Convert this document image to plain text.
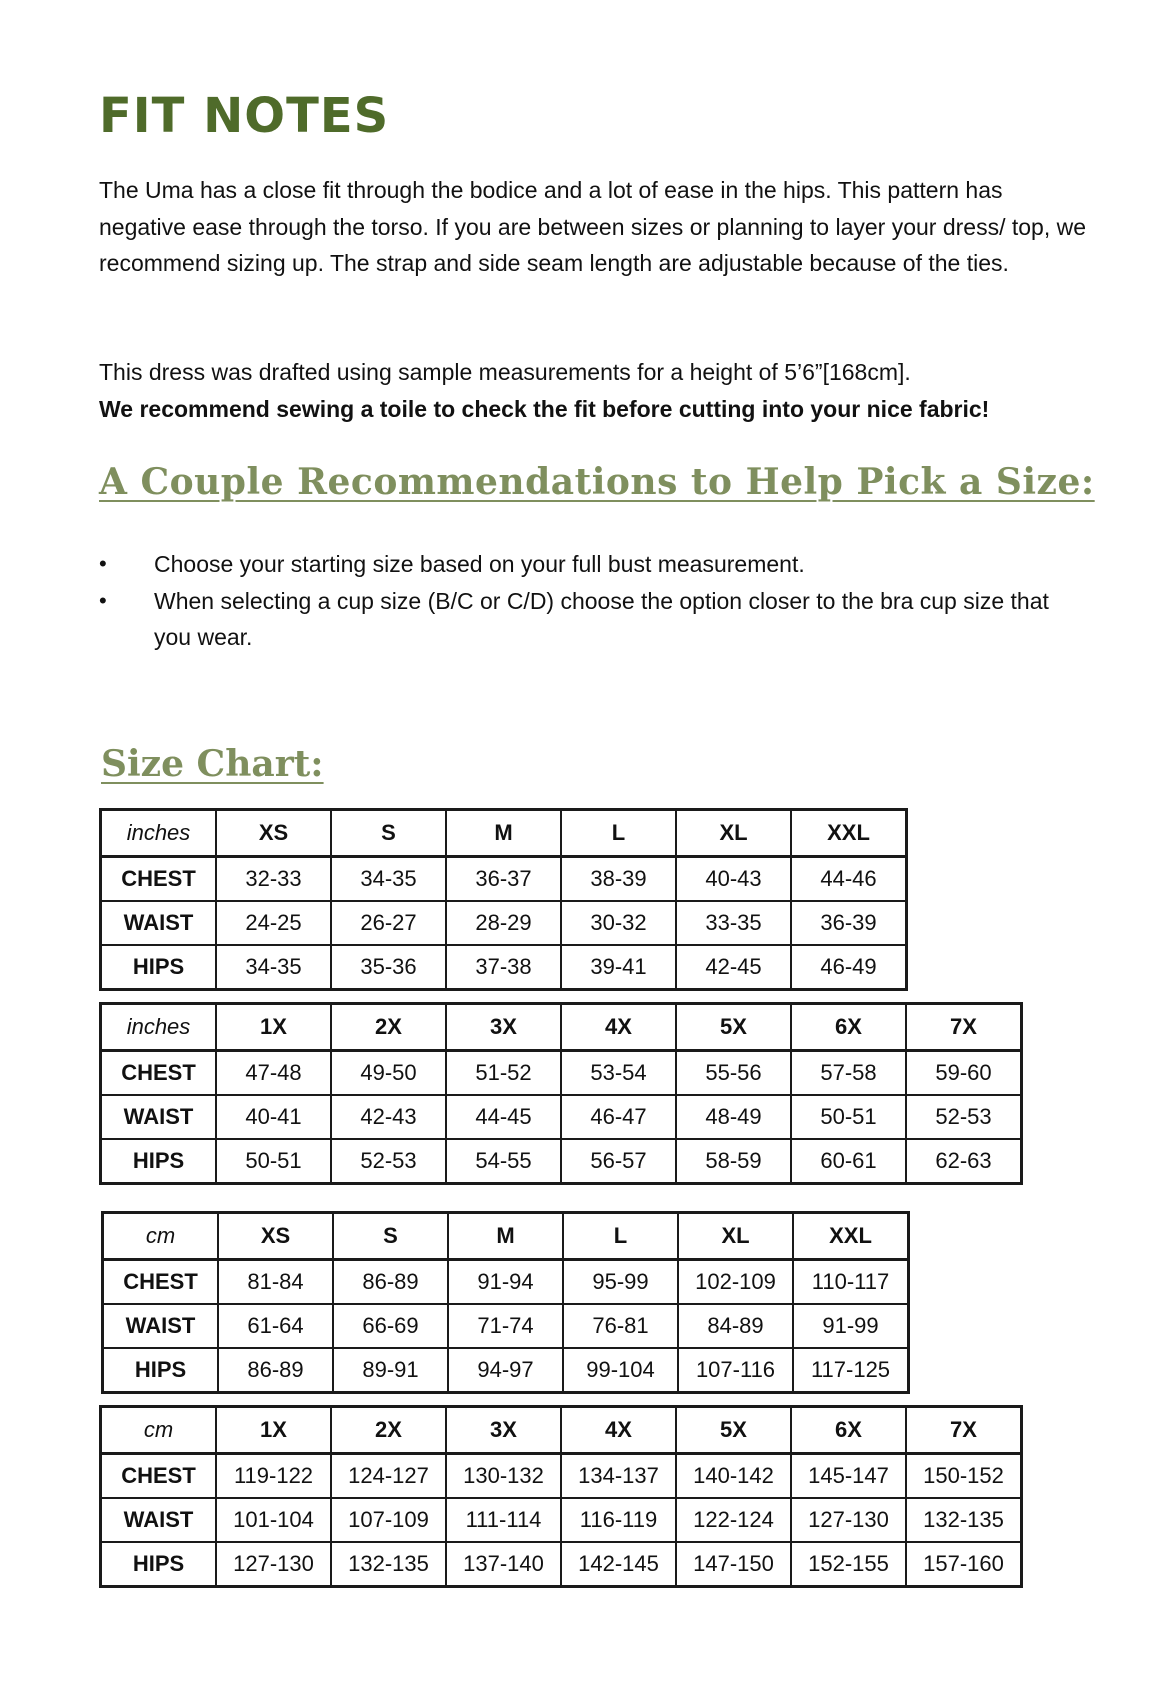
FIT NOTES

The Uma has a close fit through the bodice and a lot of ease in the hips. This pattern has negative ease through the torso. If you are between sizes or planning to layer your dress/ top, we recommend sizing up. The strap and side seam length are adjustable because of the ties.

This dress was drafted using sample measurements for a height of 5’6”[168cm].
We recommend sewing a toile to check the fit before cutting into your nice fabric!

A Couple Recommendations to Help Pick a Size:
• Choose your starting size based on your full bust measurement.
• When selecting a cup size (B/C or C/D) choose the option closer to the bra cup size that you wear.
Size Chart:
inches	XS	S	M	L	XL	XXL
CHEST	32-33	34-35	36-37	38-39	40-43	44-46
WAIST	24-25	26-27	28-29	30-32	33-35	36-39
HIPS	34-35	35-36	37-38	39-41	42-45	46-49
inches	1X	2X	3X	4X	5X	6X	7X
CHEST	47-48	49-50	51-52	53-54	55-56	57-58	59-60
WAIST	40-41	42-43	44-45	46-47	48-49	50-51	52-53
HIPS	50-51	52-53	54-55	56-57	58-59	60-61	62-63
cm	XS	S	M	L	XL	XXL
CHEST	81-84	86-89	91-94	95-99	102-109	110-117
WAIST	61-64	66-69	71-74	76-81	84-89	91-99
HIPS	86-89	89-91	94-97	99-104	107-116	117-125
cm	1X	2X	3X	4X	5X	6X	7X
CHEST	119-122	124-127	130-132	134-137	140-142	145-147	150-152
WAIST	101-104	107-109	111-114	116-119	122-124	127-130	132-135
HIPS	127-130	132-135	137-140	142-145	147-150	152-155	157-160
